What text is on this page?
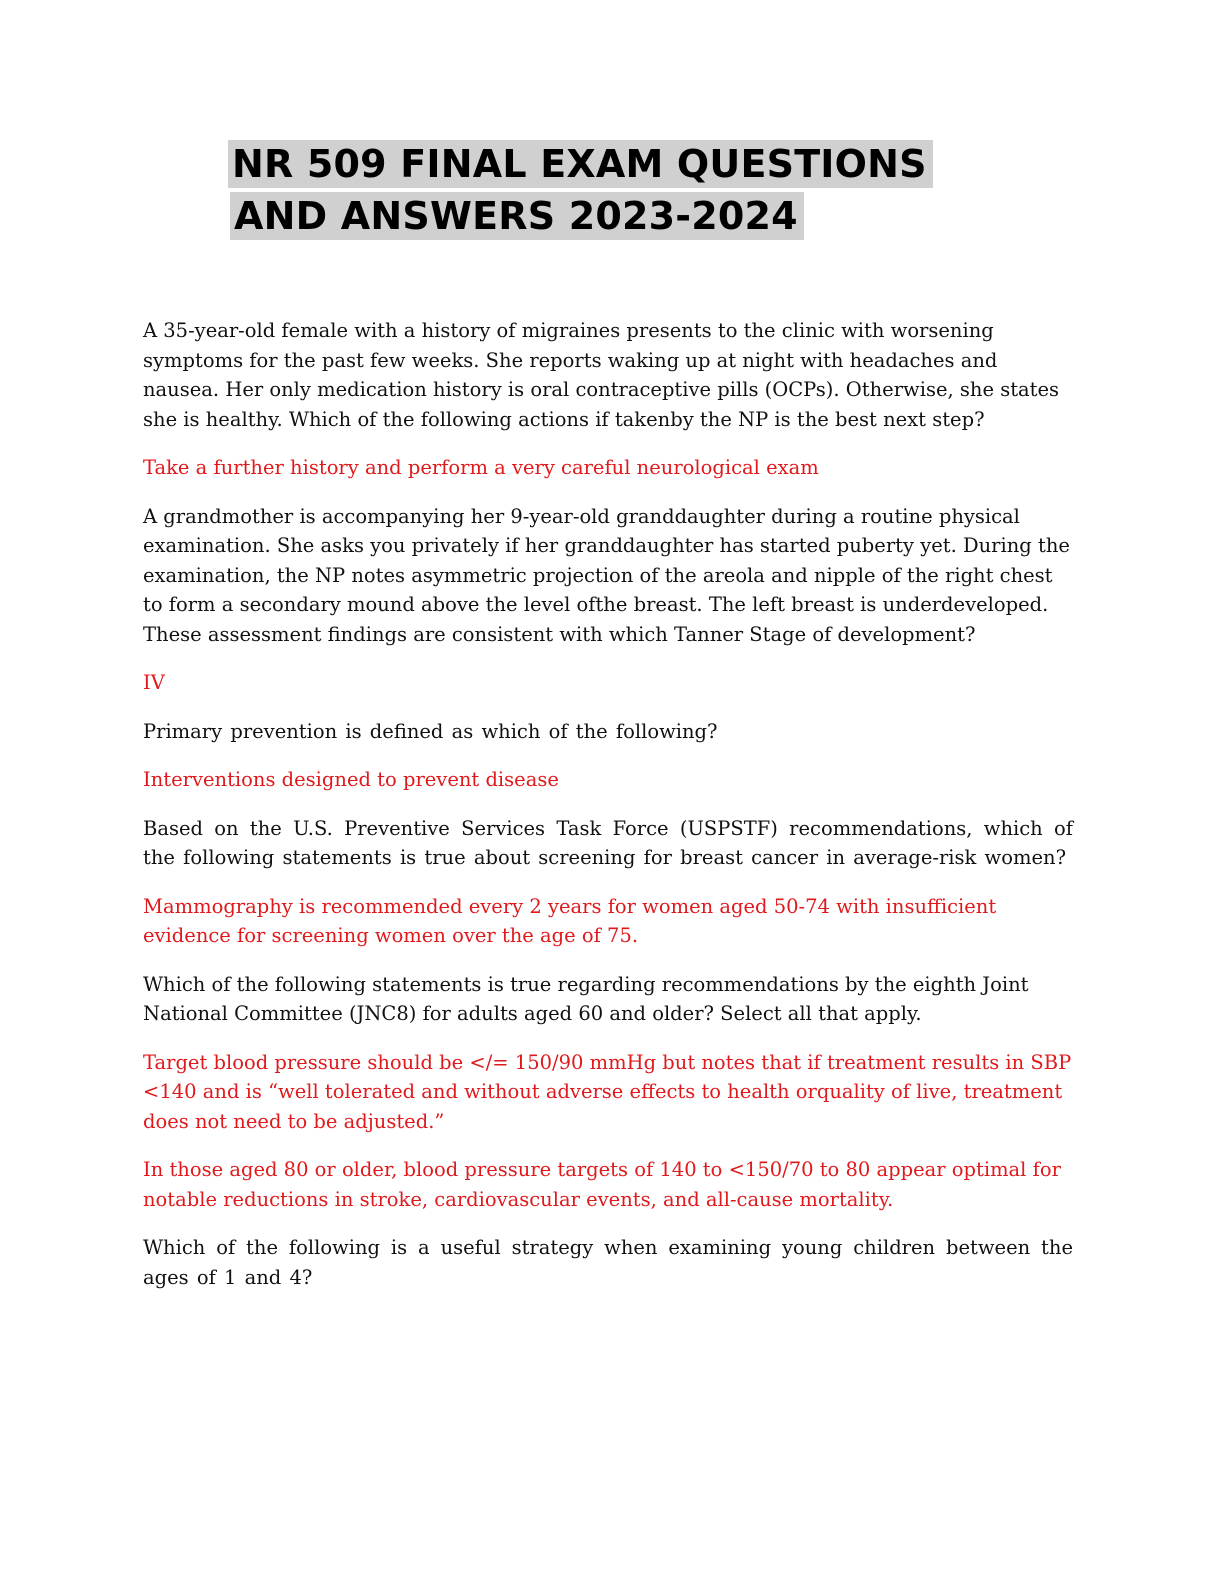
NR 509 FINAL EXAM QUESTIONS
AND ANSWERS 2023-2024

A 35-year-old female with a history of migraines presents to the clinic with worsening symptoms for the past few weeks. She reports waking up at night with headaches and nausea. Her only medication history is oral contraceptive pills (OCPs). Otherwise, she states she is healthy. Which of the following actions if takenby the NP is the best next step?

Take a further history and perform a very careful neurological exam

A grandmother is accompanying her 9-year-old granddaughter during a routine physical examination. She asks you privately if her granddaughter has started puberty yet. During the examination, the NP notes asymmetric projection of the areola and nipple of the right chest to form a secondary mound above the level ofthe breast. The left breast is underdeveloped. These assessment findings are consistent with which Tanner Stage of development?

IV

Primary prevention is defined as which of the following?

Interventions designed to prevent disease

Based on the U.S. Preventive Services Task Force (USPSTF) recommendations, which of the following statements is true about screening for breast cancer in average-risk women?

Mammography is recommended every 2 years for women aged 50-74 with insufficient evidence for screening women over the age of 75.

Which of the following statements is true regarding recommendations by the eighth Joint National Committee (JNC8) for adults aged 60 and older? Select all that apply.

Target blood pressure should be </= 150/90 mmHg but notes that if treatment results in SBP <140 and is “well tolerated and without adverse effects to health orquality of live, treatment does not need to be adjusted.”

In those aged 80 or older, blood pressure targets of 140 to <150/70 to 80 appear optimal for notable reductions in stroke, cardiovascular events, and all-cause mortality.

Which of the following is a useful strategy when examining young children between the ages of 1 and 4?
